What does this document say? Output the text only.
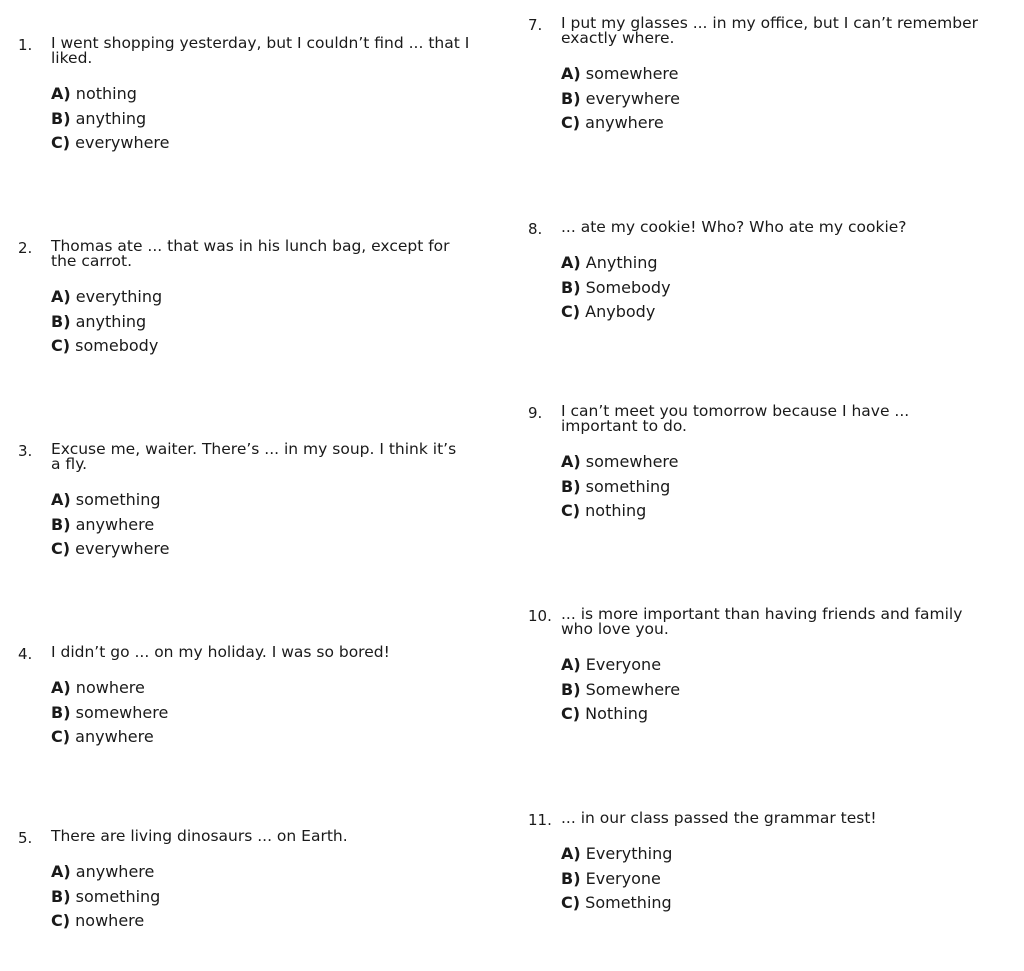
1. I went shopping yesterday, but I couldn’t find ... that I
liked.
A) nothing
B) anything
C) everywhere
2. Thomas ate ... that was in his lunch bag, except for
the carrot.
A) everything
B) anything
C) somebody
3. Excuse me, waiter. There’s ... in my soup. I think it’s
a fly.
A) something
B) anywhere
C) everywhere
4. I didn’t go ... on my holiday. I was so bored!
A) nowhere
B) somewhere
C) anywhere
5. There are living dinosaurs ... on Earth.
A) anywhere
B) something
C) nowhere
7. I put my glasses ... in my office, but I can’t remember
exactly where.
A) somewhere
B) everywhere
C) anywhere
8. ... ate my cookie! Who? Who ate my cookie?
A) Anything
B) Somebody
C) Anybody
9. I can’t meet you tomorrow because I have ...
important to do.
A) somewhere
B) something
C) nothing
10. ... is more important than having friends and family
who love you.
A) Everyone
B) Somewhere
C) Nothing
11. ... in our class passed the grammar test!
A) Everything
B) Everyone
C) Something
